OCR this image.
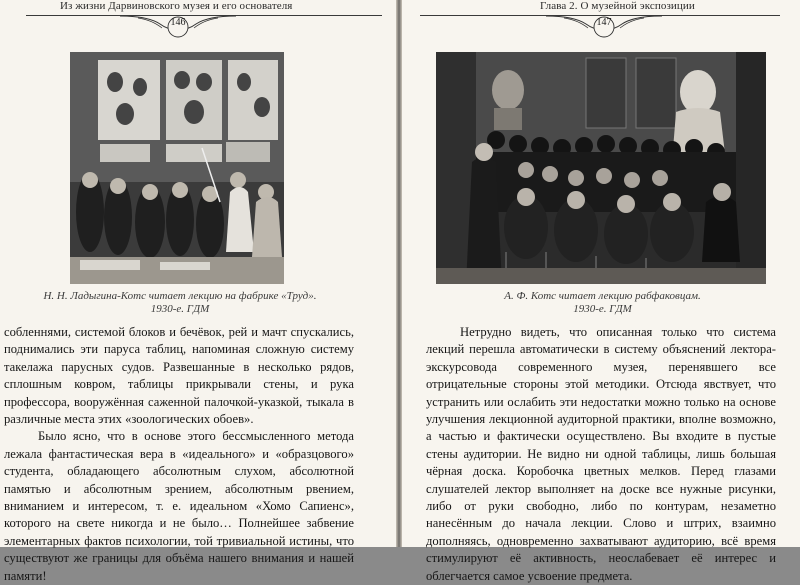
Из жизни Дарвиновского музея и его основателя
146
Н. Н. Ладыгина-Котс читает лекцию на фабрике «Труд».
1930-е. ГДМ

собленнями, системой блоков и бечёвок, рей и мачт спускались, поднимались эти паруса таблиц, напоминая сложную систему такелажа парусных судов. Развешанные в несколько рядов, сплошным ковром, таблицы прикрывали стены, и рука профессора, вооружённая саженной палочкой-указкой, тыкала в различные места этих «зоологических обоев».

Было ясно, что в основе этого бессмысленного метода лежала фантастическая вера в «идеального» и «образцового» студента, обладающего абсолютным слухом, абсолютной памятью и абсолютным зрением, абсолютным рвением, вниманием и интересом, т. е. идеальном «Хомо Сапиенс», которого на свете никогда и не было… Полнейшее забвение элементарных фактов психологии, той тривиальной истины, что существуют же границы для объёма нашего внимания и нашей памяти!

Глава 2. О музейной экспозиции
147
А. Ф. Котс читает лекцию рабфаковцам.
1930-е. ГДМ

Нетрудно видеть, что описанная только что система лекций перешла автоматически в систему объяснений лектора-экскурсовода современного музея, перенявшего все отрицательные стороны этой методики. Отсюда явствует, что устранить или ослабить эти недостатки можно только на основе улучшения лекционной аудиторной практики, вполне возможно, а частью и фактически осуществлено. Вы входите в пустые стены аудитории. Не видно ни одной таблицы, лишь большая чёрная доска. Коробочка цветных мелков. Перед глазами слушателей лектор выполняет на доске все нужные рисунки, либо от руки свободно, либо по контурам, незаметно нанесённым до начала лекции. Слово и штрих, взаимно дополняясь, одновременно захватывают аудиторию, всё время стимулируют её активность, неослабевает её интерес и облегчается самое усвоение предмета.
